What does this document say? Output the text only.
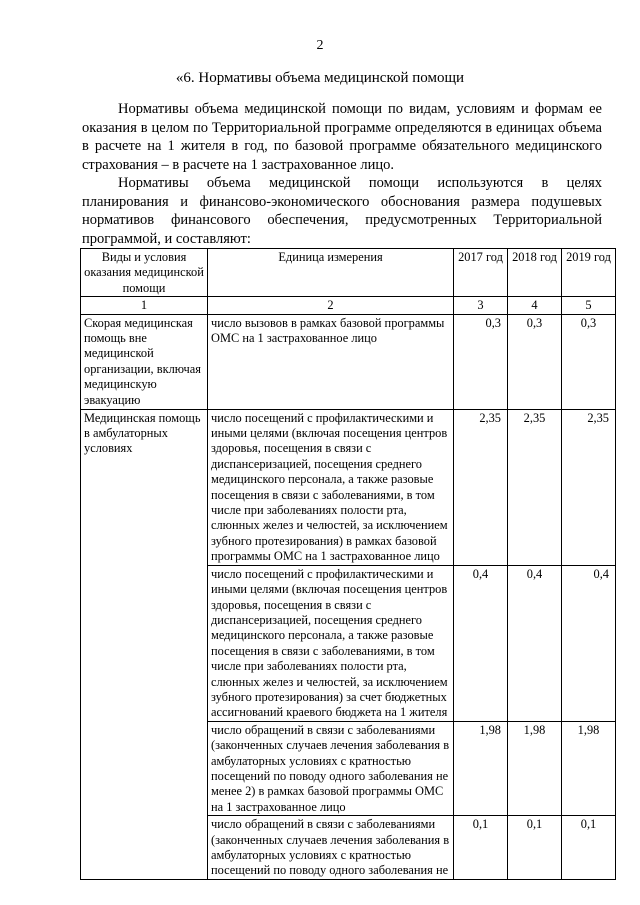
2
«6. Нормативы объема медицинской помощи

Нормативы объема медицинской помощи по видам, условиям и формам ее оказания в целом по Территориальной программе определяются в единицах объема в расчете на 1 жителя в год, по базовой программе обязательного медицинского страхования – в расчете на 1 застрахованное лицо.

Нормативы объема медицинской помощи используются в целях планирования и финансово-экономического обоснования размера подушевых нормативов финансового обеспечения, предусмотренных Территориальной программой, и составляют:

Виды и условия оказания медицинской помощи	Единица измерения	2017 год	2018 год	2019 год
1	2	3	4	5
Скорая медицинская помощь вне медицинской организации, включая медицинскую эвакуацию	число вызовов в рамках базовой программы ОМС на 1 застрахованное лицо	0,3	0,3	0,3
Медицинская помощь в амбулаторных условиях	число посещений с профилактическими и иными целями (включая посещения центров здоровья, посещения в связи с диспансеризацией, посещения среднего медицинского персонала, а также разовые посещения в связи с заболеваниями, в том числе при заболеваниях полости рта, слюнных желез и челюстей, за исключением зубного протезирования) в рамках базовой программы ОМС на 1 застрахованное лицо	2,35	2,35	2,35
	число посещений с профилактическими и иными целями (включая посещения центров здоровья, посещения в связи с диспансеризацией, посещения среднего медицинского персонала, а также разовые посещения в связи с заболеваниями, в том числе при заболеваниях полости рта, слюнных желез и челюстей, за исключением зубного протезирования) за счет бюджетных ассигнований краевого бюджета на 1 жителя	0,4	0,4	0,4
	число обращений в связи с заболеваниями (законченных случаев лечения заболевания в амбулаторных условиях с кратностью посещений по поводу одного заболевания не менее 2) в рамках базовой программы ОМС на 1 застрахованное лицо	1,98	1,98	1,98
	число обращений в связи с заболеваниями (законченных случаев лечения заболевания в амбулаторных условиях с кратностью посещений по поводу одного заболевания не	0,1	0,1	0,1
